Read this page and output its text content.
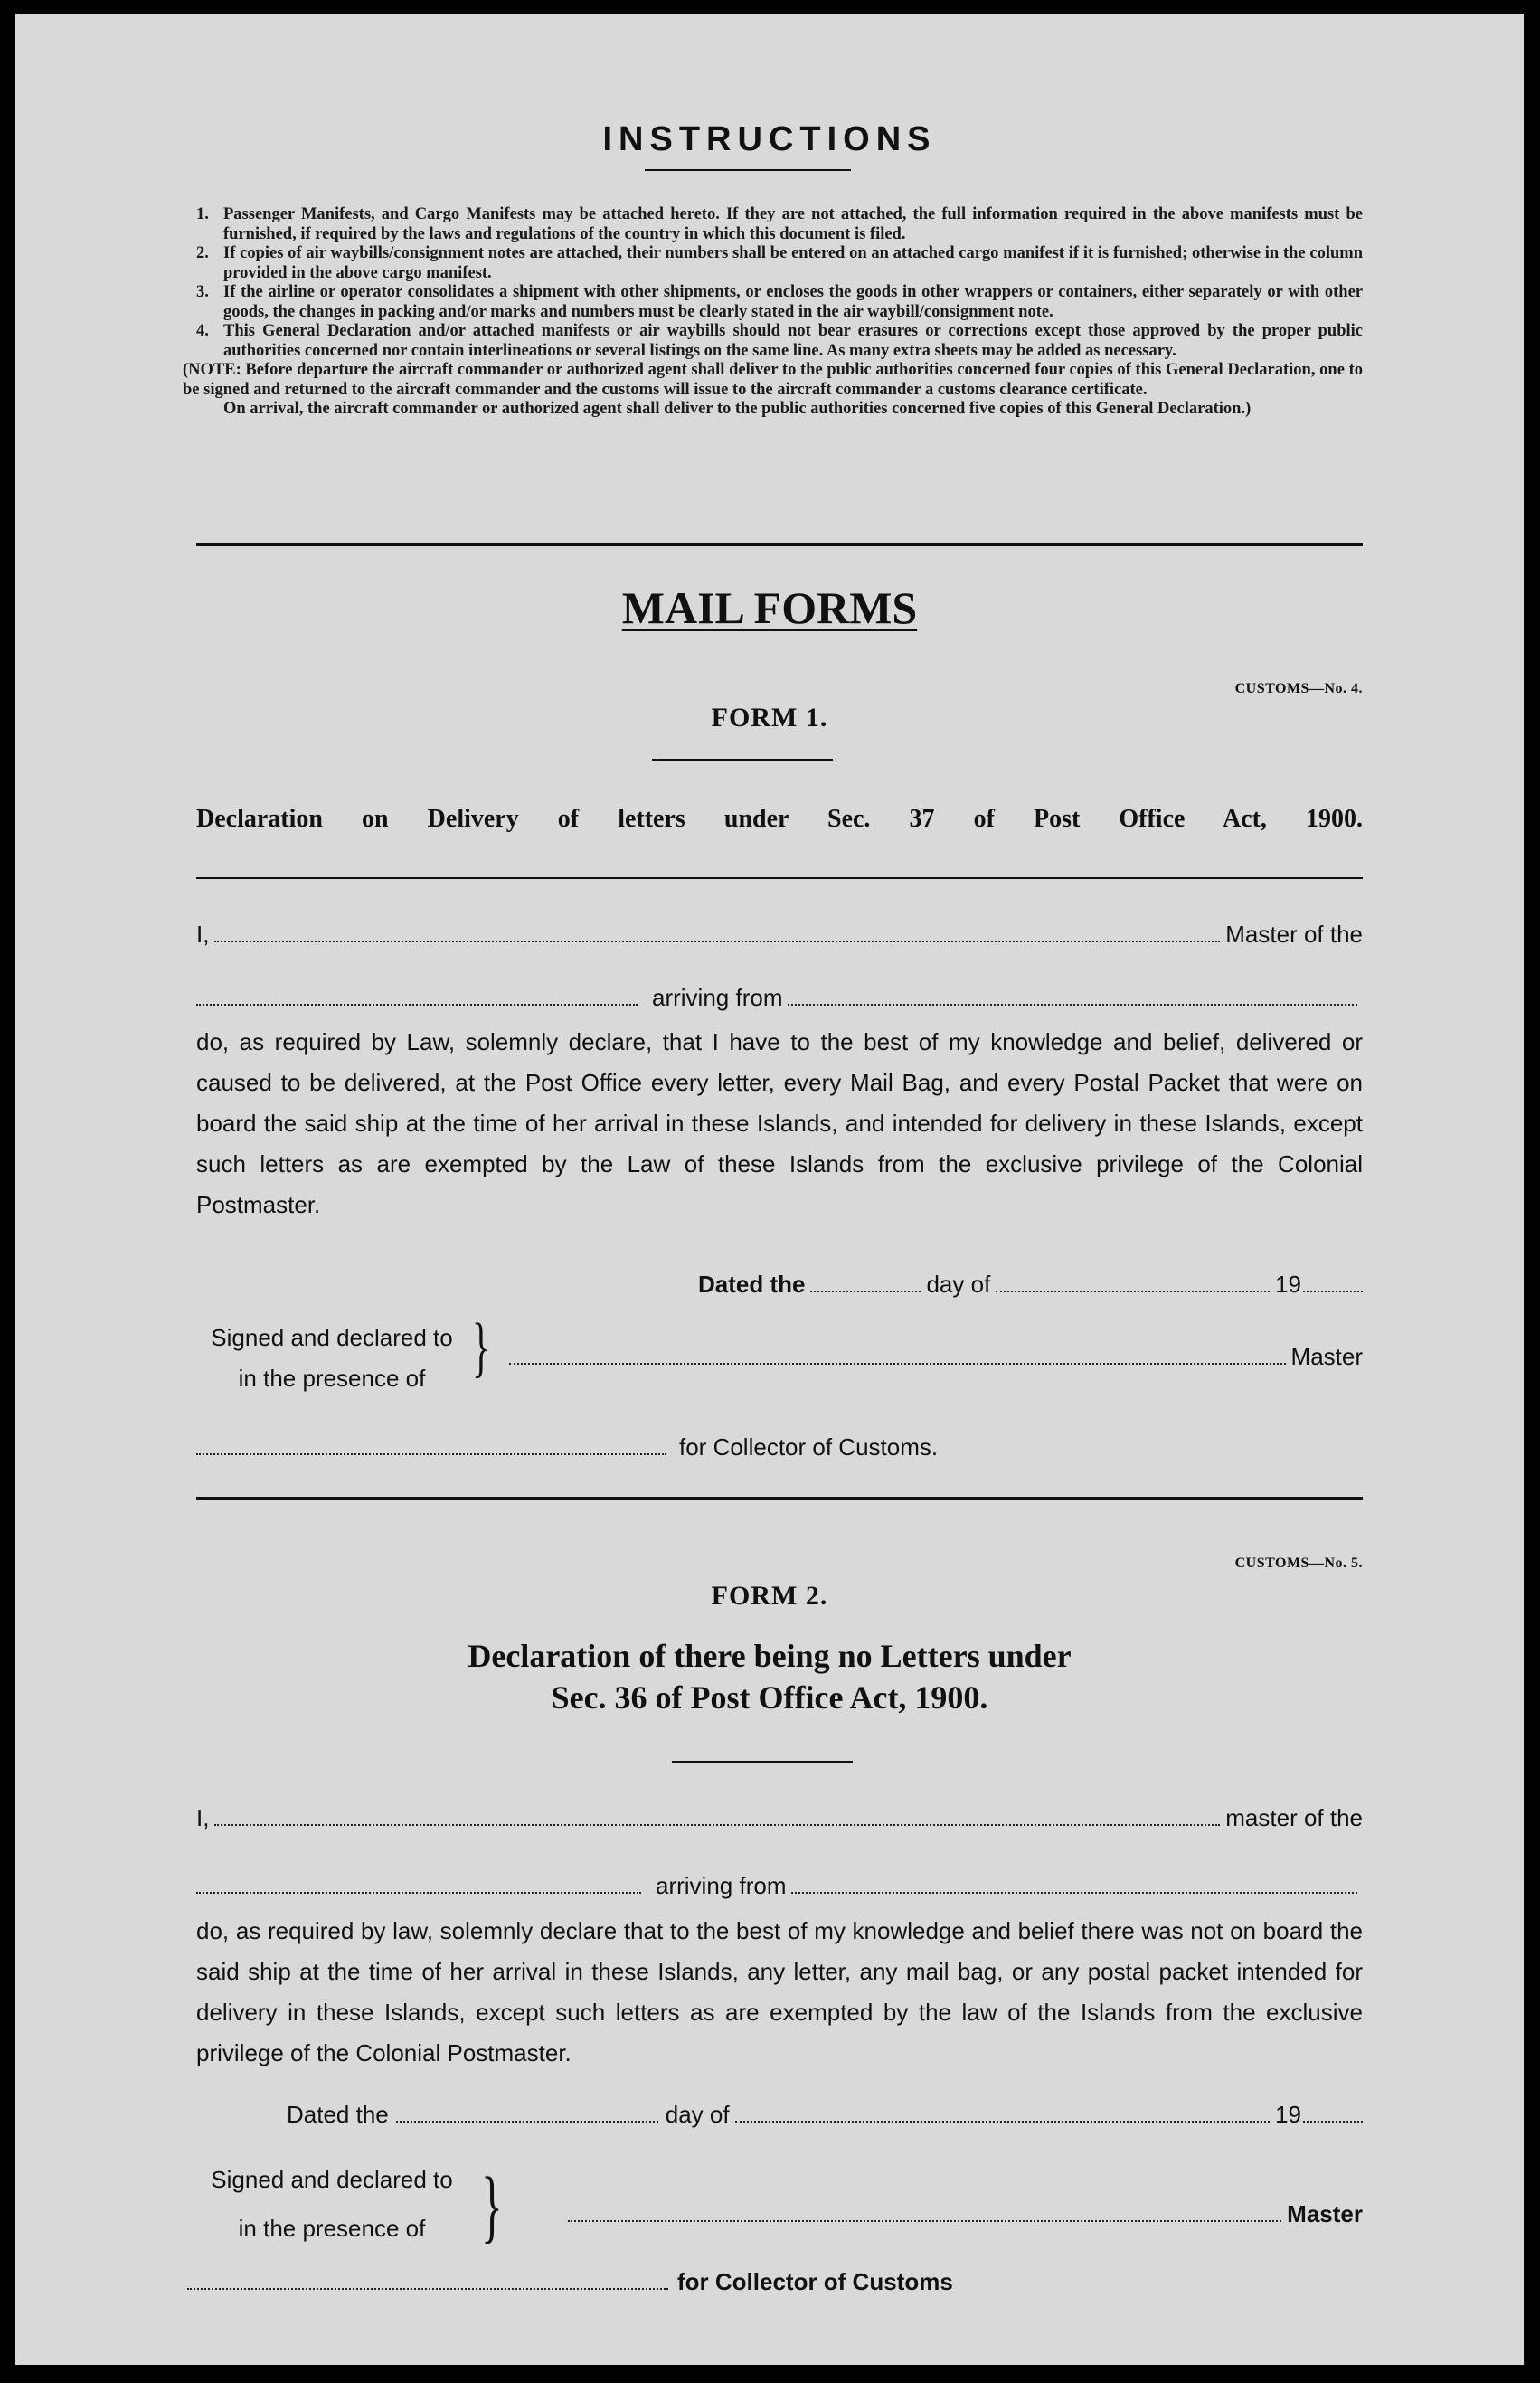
INSTRUCTIONS
1. Passenger Manifests, and Cargo Manifests may be attached hereto. If they are not attached, the full information required in the above manifests must be furnished, if required by the laws and regulations of the country in which this document is filed.
2. If copies of air waybills/consignment notes are attached, their numbers shall be entered on an attached cargo manifest if it is furnished; otherwise in the column provided in the above cargo manifest.
3. If the airline or operator consolidates a shipment with other shipments, or encloses the goods in other wrappers or containers, either separately or with other goods, the changes in packing and/or marks and numbers must be clearly stated in the air waybill/consignment note.
4. This General Declaration and/or attached manifests or air waybills should not bear erasures or corrections except those approved by the proper public authorities concerned nor contain interlineations or several listings on the same line. As many extra sheets may be added as necessary.
(NOTE: Before departure the aircraft commander or authorized agent shall deliver to the public authorities concerned four copies of this General Declaration, one to be signed and returned to the aircraft commander and the customs will issue to the aircraft commander a customs clearance certificate.
On arrival, the aircraft commander or authorized agent shall deliver to the public authorities concerned five copies of this General Declaration.)
MAIL FORMS
CUSTOMS—No. 4.
FORM 1.
Declaration on Delivery of letters under Sec. 37 of Post Office Act, 1900.
I,	Master of the
arriving from
do, as required by Law, solemnly declare, that I have to the best of my knowledge and belief, delivered or caused to be delivered, at the Post Office every letter, every Mail Bag, and every Postal Packet that were on board the said ship at the time of her arrival in these Islands, and intended for delivery in these Islands, except such letters as are exempted by the Law of these Islands from the exclusive privilege of the Colonial Postmaster.
Dated the	day of	19
Signed and declared to
in the presence of }	Master
for Collector of Customs.
CUSTOMS—No. 5.
FORM 2.
Declaration of there being no Letters under
Sec. 36 of Post Office Act, 1900.
I,	master of the
arriving from
do, as required by law, solemnly declare that to the best of my knowledge and belief there was not on board the said ship at the time of her arrival in these Islands, any letter, any mail bag, or any postal packet intended for delivery in these Islands, except such letters as are exempted by the law of the Islands from the exclusive privilege of the Colonial Postmaster.
Dated the	day of	19
Signed and declared to
in the presence of }	Master
for Collector of Customs
